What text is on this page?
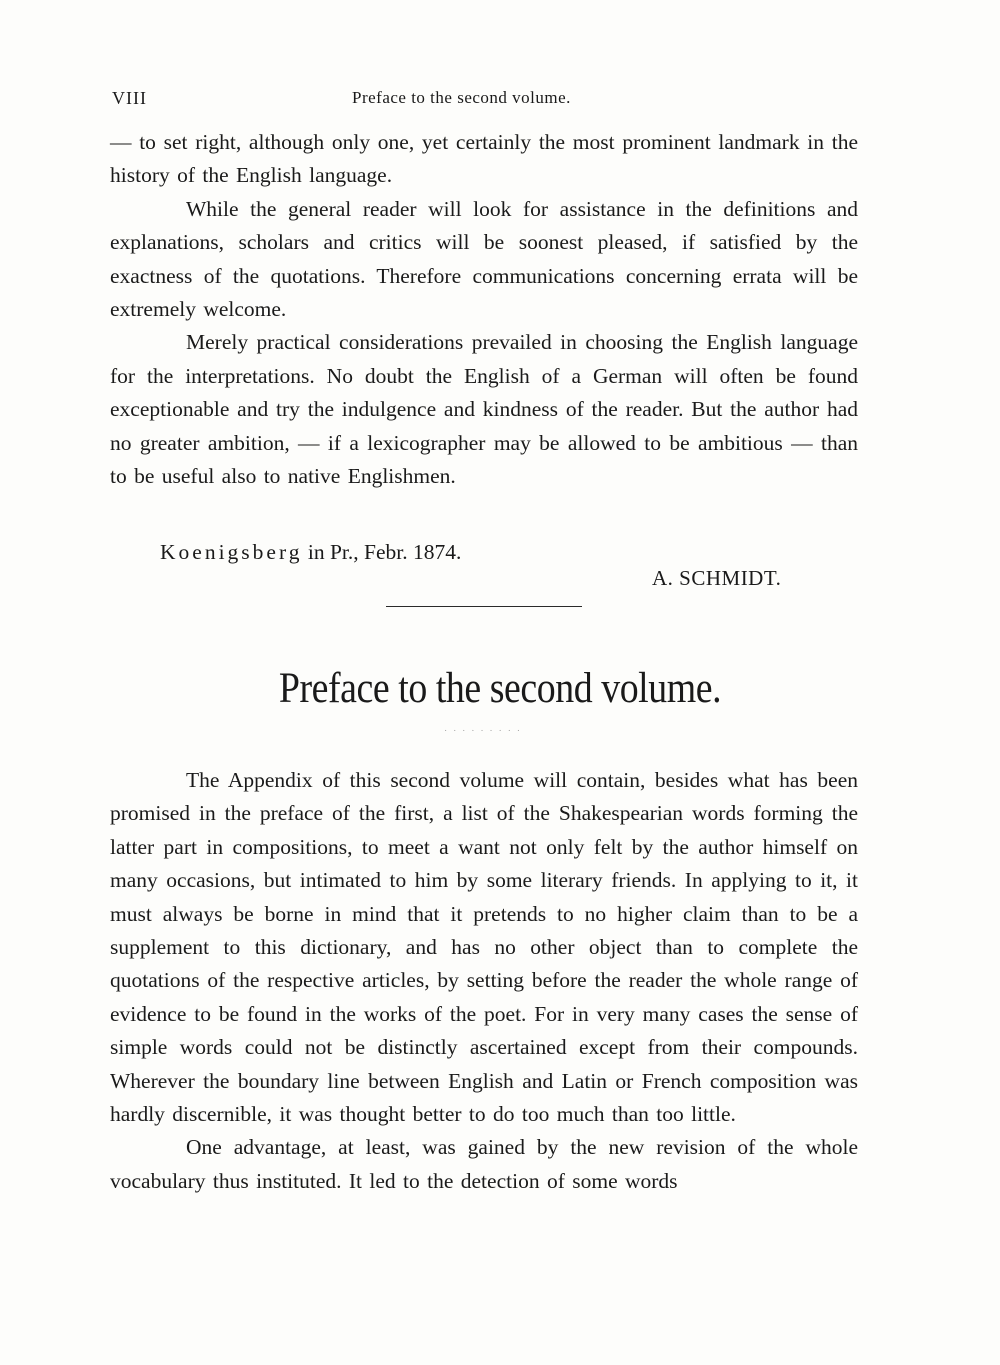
VIII	Preface to the second volume.

— to set right, although only one, yet certainly the most prominent landmark in the history of the English language.

While the general reader will look for assistance in the definitions and explanations, scholars and critics will be soonest pleased, if satisfied by the exactness of the quotations. Therefore communications concerning errata will be extremely welcome.

Merely practical considerations prevailed in choosing the English language for the interpretations. No doubt the English of a German will often be found exceptionable and try the indulgence and kindness of the reader. But the author had no greater ambition, — if a lexicographer may be allowed to be ambitious — than to be useful also to native Englishmen.

Koenigsberg in Pr., Febr. 1874.
A. SCHMIDT.
Preface to the second volume.
. . . . . . . . .

The Appendix of this second volume will contain, besides what has been promised in the preface of the first, a list of the Shakespearian words forming the latter part in compositions, to meet a want not only felt by the author himself on many occasions, but intimated to him by some literary friends. In applying to it, it must always be borne in mind that it pretends to no higher claim than to be a supplement to this dictionary, and has no other object than to complete the quotations of the respective articles, by setting before the reader the whole range of evidence to be found in the works of the poet. For in very many cases the sense of simple words could not be distinctly ascertained except from their compounds. Wherever the boundary line between English and Latin or French composition was hardly discernible, it was thought better to do too much than too little.

One advantage, at least, was gained by the new revision of the whole vocabulary thus instituted. It led to the detection of some words
